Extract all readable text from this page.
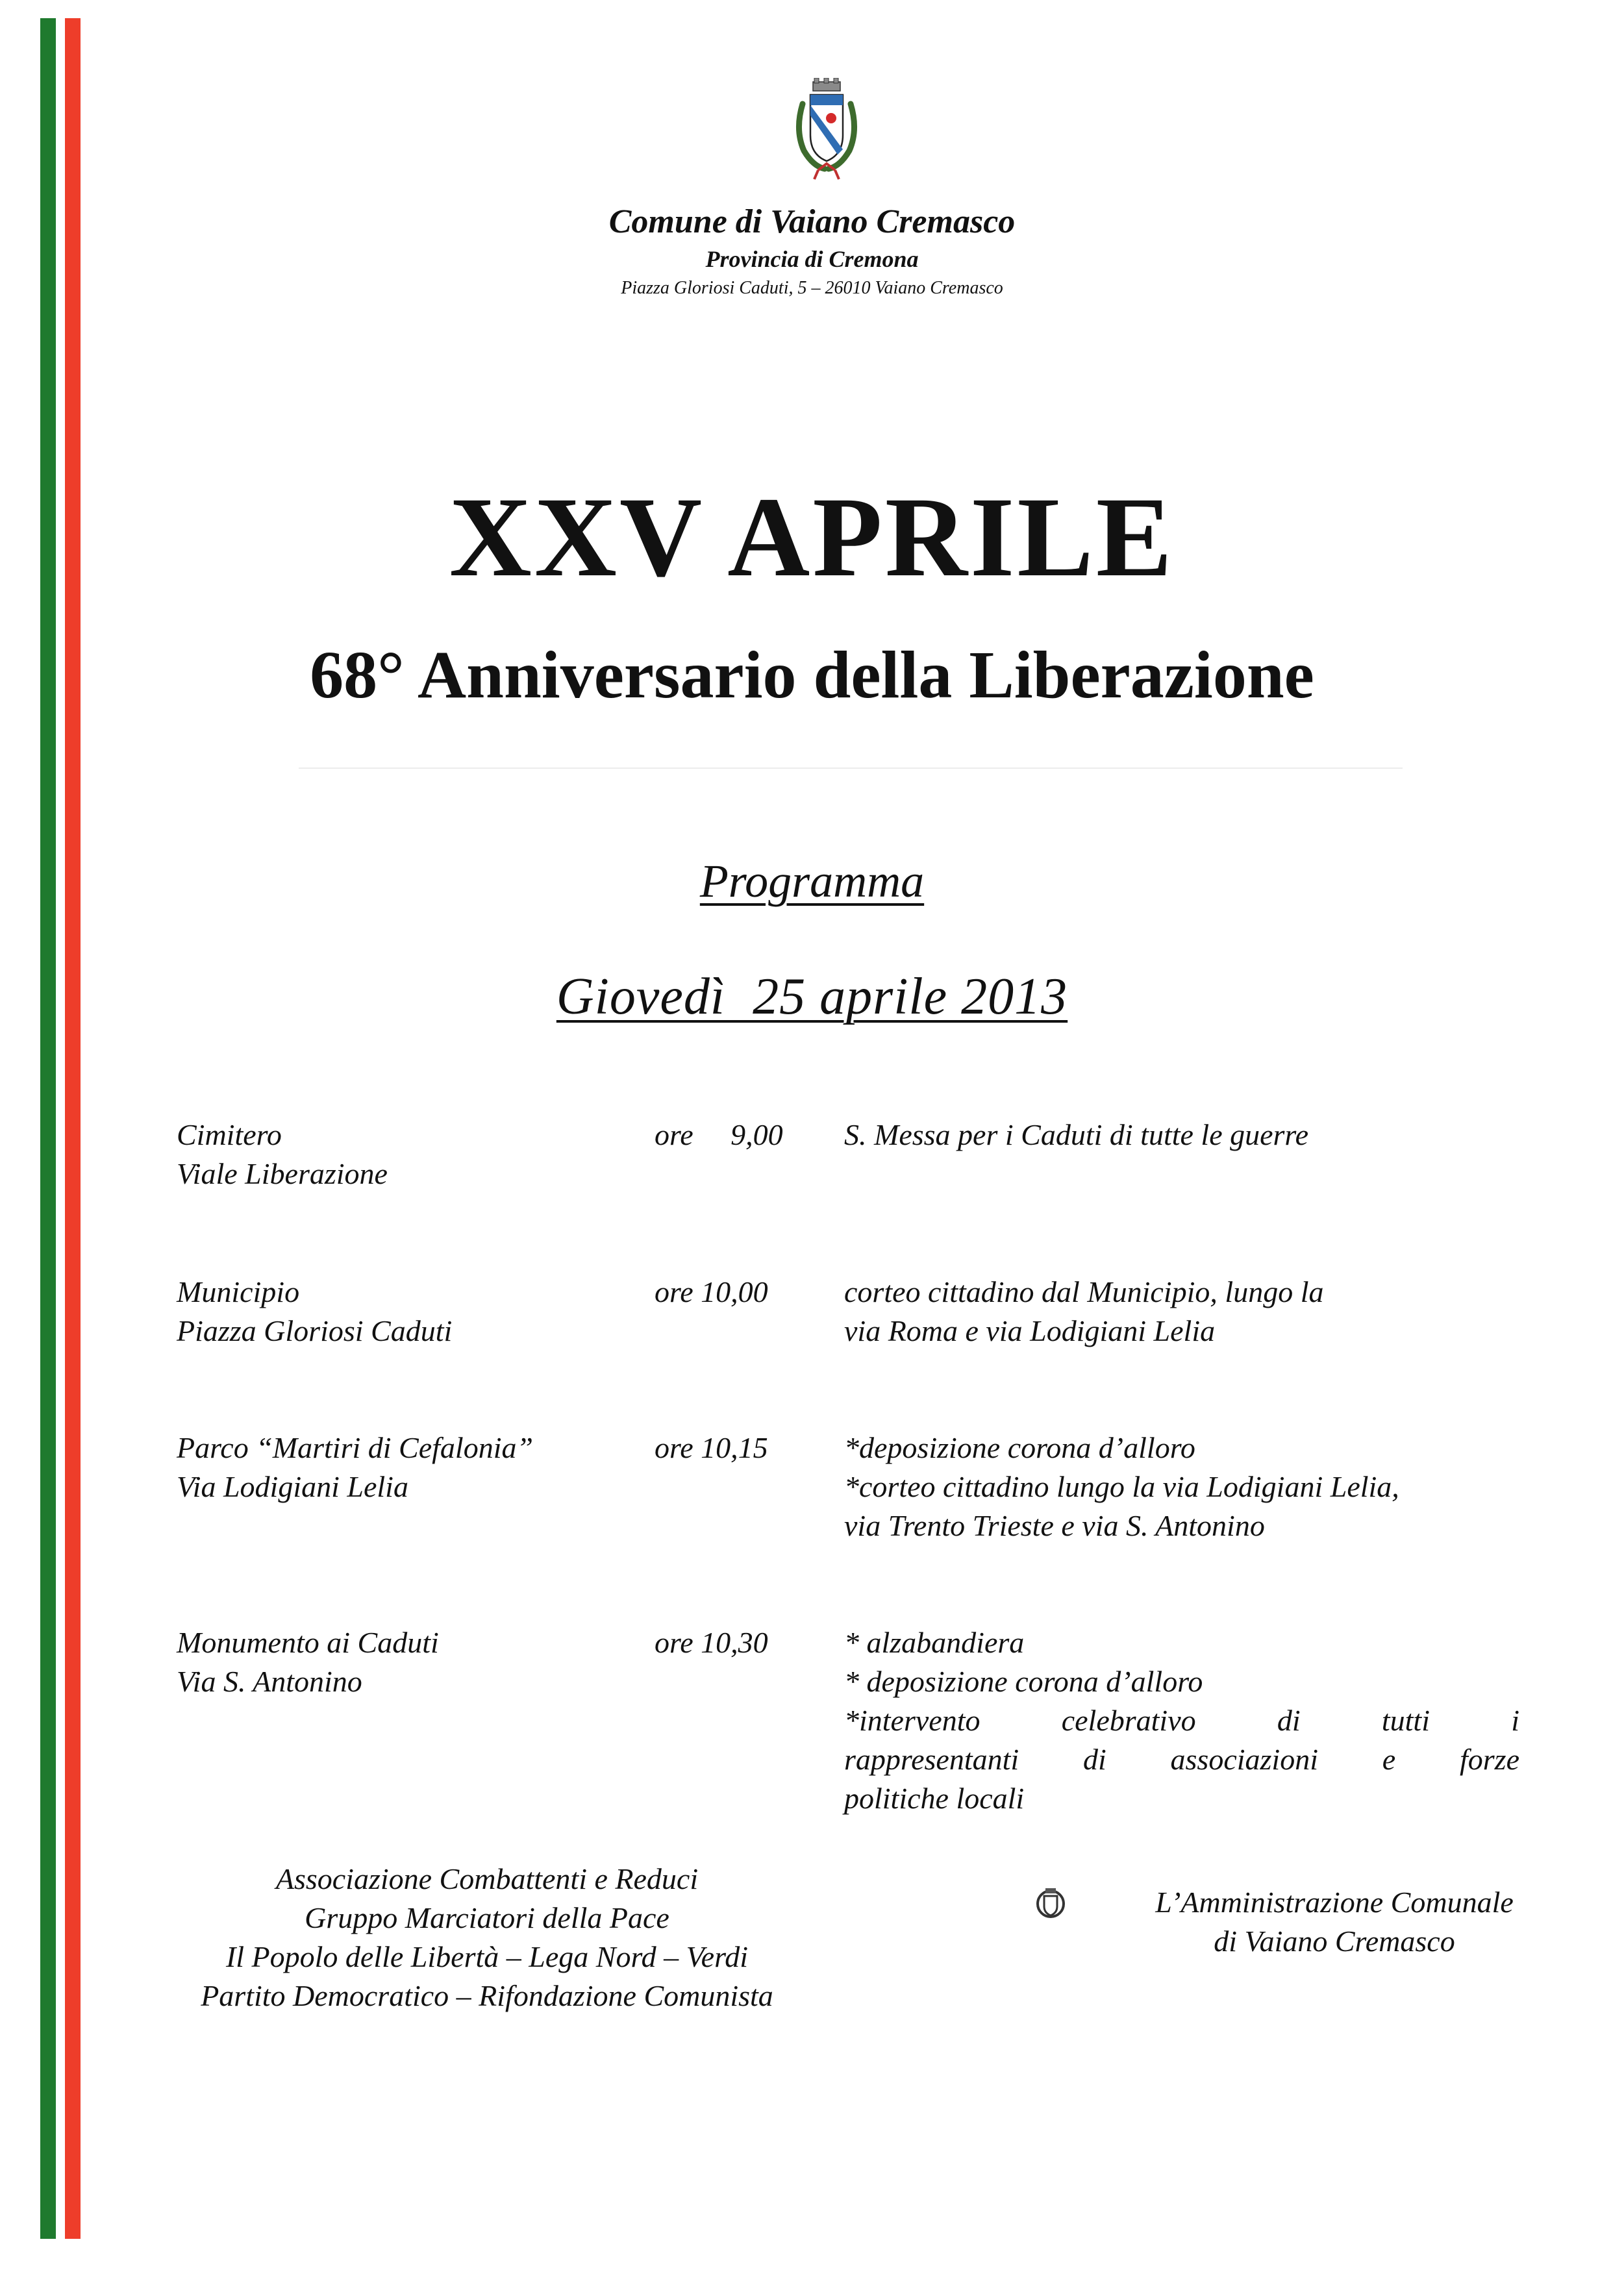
Comune di Vaiano Cremasco
Provincia di Cremona
Piazza Gloriosi Caduti, 5 – 26010 Vaiano Cremasco
XXV APRILE
68° Anniversario della Liberazione
Programma
Giovedì  25 aprile 2013
Cimitero
Viale Liberazione
ore     9,00	S. Messa per i Caduti di tutte le guerre
Municipio
Piazza Gloriosi Caduti
ore 10,00	corteo cittadino dal Municipio, lungo la
via Roma e via Lodigiani Lelia
Parco “Martiri di Cefalonia”
Via Lodigiani Lelia
ore 10,15	*deposizione corona d’alloro
*corteo cittadino lungo la via Lodigiani Lelia,
via Trento Trieste e via S. Antonino
Monumento ai Caduti
Via S. Antonino
ore 10,30	* alzabandiera
* deposizione corona d’alloro
*intervento celebrativo di tutti i
rappresentanti di associazioni e forze
politiche locali
Associazione Combattenti e Reduci
Gruppo Marciatori della Pace
Il Popolo delle Libertà – Lega Nord – Verdi
Partito Democratico – Rifondazione Comunista
L’Amministrazione Comunale
di Vaiano Cremasco
